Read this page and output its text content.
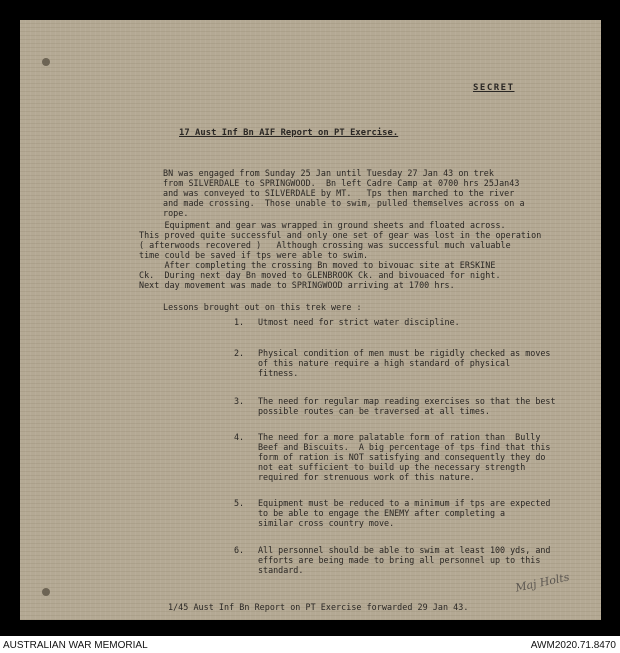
SECRET
17 Aust Inf Bn AIF Report on PT Exercise.
BN was engaged from Sunday 25 Jan until Tuesday 27 Jan 43 on trek
from SILVERDALE to SPRINGWOOD.  Bn left Cadre Camp at 0700 hrs 25Jan43
and was conveyed to SILVERDALE by MT.   Tps then marched to the river
and made crossing.  Those unable to swim, pulled themselves across on a
rope.
Equipment and gear was wrapped in ground sheets and floated across.
This proved quite successful and only one set of gear was lost in the operation
( afterwoods recovered )   Although crossing was successful much valuable
time could be saved if tps were able to swim.
After completing the crossing Bn moved to bivouac site at ERSKINE
Ck.  During next day Bn moved to GLENBROOK Ck. and bivouaced for night.
Next day movement was made to SPRINGWOOD arriving at 1700 hrs.
Lessons brought out on this trek were :
1. Utmost need for strict water discipline.
2. Physical condition of men must be rigidly checked as moves
of this nature require a high standard of physical
fitness.
3. The need for regular map reading exercises so that the best
possible routes can be traversed at all times.
4. The need for a more palatable form of ration than  Bully
Beef and Biscuits.  A big percentage of tps find that this
form of ration is NOT satisfying and consequently they do
not eat sufficient to build up the necessary strength
required for strenuous work of this nature.
5. Equipment must be reduced to a minimum if tps are expected
to be able to engage the ENEMY after completing a
similar cross country move.
6. All personnel should be able to swim at least 100 yds, and
efforts are being made to bring all personnel up to this
standard.
1/45 Aust Inf Bn Report on PT Exercise forwarded 29 Jan 43.
Maj Holts
AUSTRALIAN WAR MEMORIAL	AWM2020.71.8470
